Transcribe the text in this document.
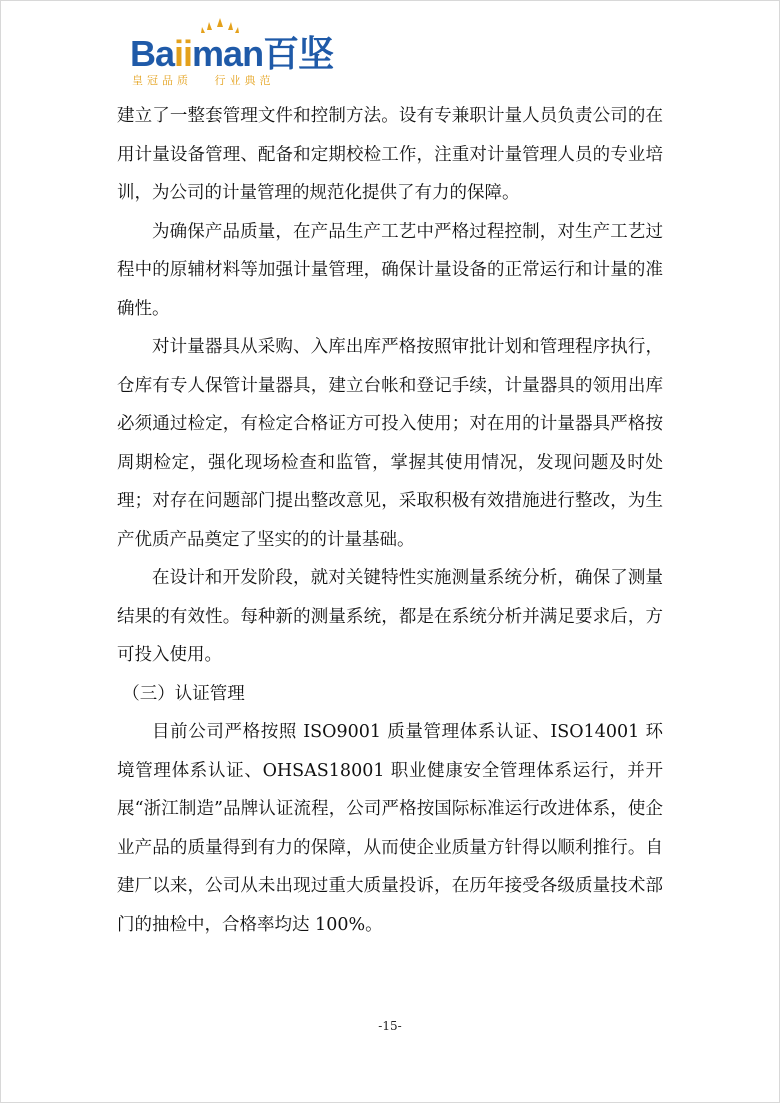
Baiiman百坚
皇冠品质   行业典范

建立了一整套管理文件和控制方法。设有专兼职计量人员负责公司的在用计量设备管理、配备和定期校检工作，注重对计量管理人员的专业培训，为公司的计量管理的规范化提供了有力的保障。

为确保产品质量，在产品生产工艺中严格过程控制，对生产工艺过程中的原辅材料等加强计量管理，确保计量设备的正常运行和计量的准确性。

对计量器具从采购、入库出库严格按照审批计划和管理程序执行，仓库有专人保管计量器具，建立台帐和登记手续，计量器具的领用出库必须通过检定，有检定合格证方可投入使用；对在用的计量器具严格按周期检定，强化现场检查和监管，掌握其使用情况，发现问题及时处理；对存在问题部门提出整改意见，采取积极有效措施进行整改，为生产优质产品奠定了坚实的的计量基础。

在设计和开发阶段，就对关键特性实施测量系统分析，确保了测量结果的有效性。每种新的测量系统，都是在系统分析并满足要求后，方可投入使用。

（三）认证管理

目前公司严格按照 ISO9001 质量管理体系认证、ISO14001 环境管理体系认证、OHSAS18001 职业健康安全管理体系运行，并开展“浙江制造”品牌认证流程，公司严格按国际标准运行改进体系，使企业产品的质量得到有力的保障，从而使企业质量方针得以顺利推行。自建厂以来，公司从未出现过重大质量投诉，在历年接受各级质量技术部门的抽检中，合格率均达 100%。

-15-
